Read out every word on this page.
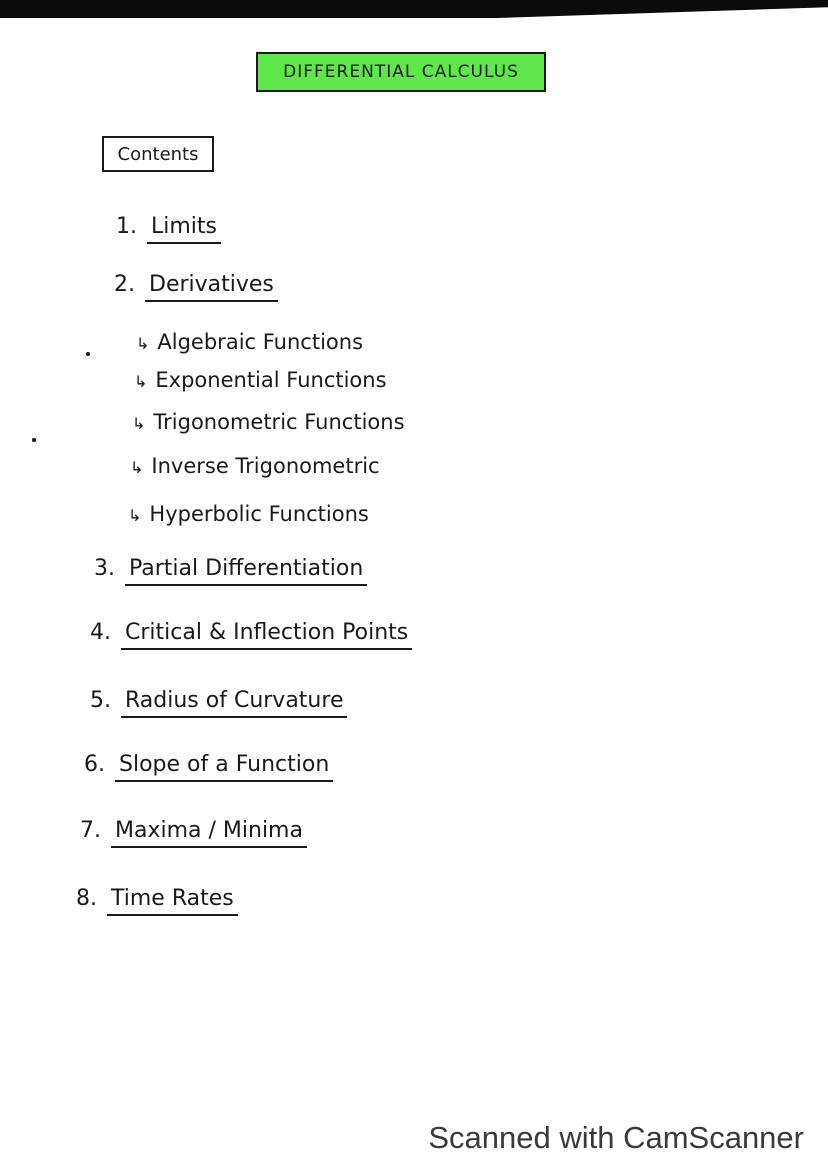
DIFFERENTIAL CALCULUS
Contents
1. Limits
2. Derivatives
↳ Algebraic Functions
↳ Exponential Functions
↳ Trigonometric Functions
↳ Inverse Trigonometric
↳ Hyperbolic Functions
3. Partial Differentiation
4. Critical & Inflection Points
5. Radius of Curvature
6. Slope of a Function
7. Maxima / Minima
8. Time Rates
Scanned with CamScanner
